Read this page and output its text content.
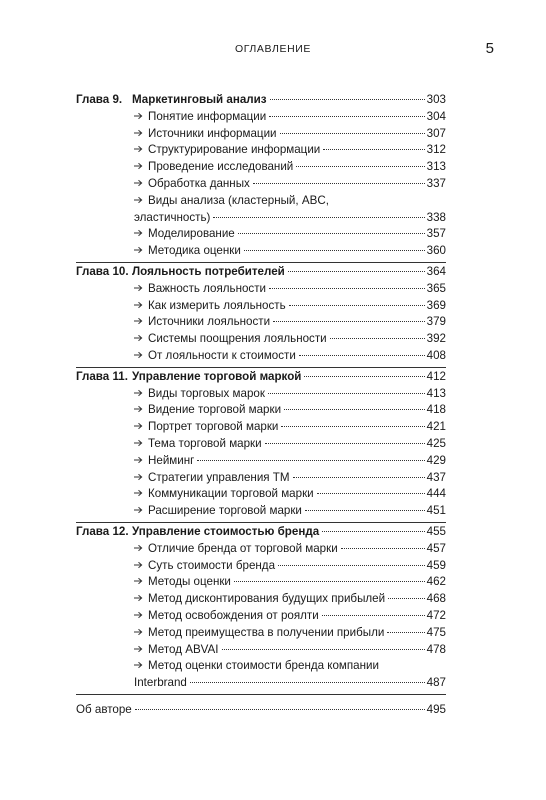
ОГЛАВЛЕНИЕ	5
Глава 9. Маркетинговый анализ	303
Понятие информации	304
Источники информации	307
Структурирование информации	312
Проведение исследований	313
Обработка данных	337
Виды анализа (кластерный, ABC,
эластичность)	338
Моделирование	357
Методика оценки	360
Глава 10. Лояльность потребителей	364
Важность лояльности	365
Как измерить лояльность	369
Источники лояльности	379
Системы поощрения лояльности	392
От лояльности к стоимости	408
Глава 11. Управление торговой маркой	412
Виды торговых марок	413
Видение торговой марки	418
Портрет торговой марки	421
Тема торговой марки	425
Нейминг	429
Стратегии управления ТМ	437
Коммуникации торговой марки	444
Расширение торговой марки	451
Глава 12. Управление стоимостью бренда	455
Отличие бренда от торговой марки	457
Суть стоимости бренда	459
Методы оценки	462
Метод дисконтирования будущих прибылей	468
Метод освобождения от роялти	472
Метод преимущества в получении прибыли	475
Метод ABVAI	478
Метод оценки стоимости бренда компании
Interbrand	487
Об авторе	495
